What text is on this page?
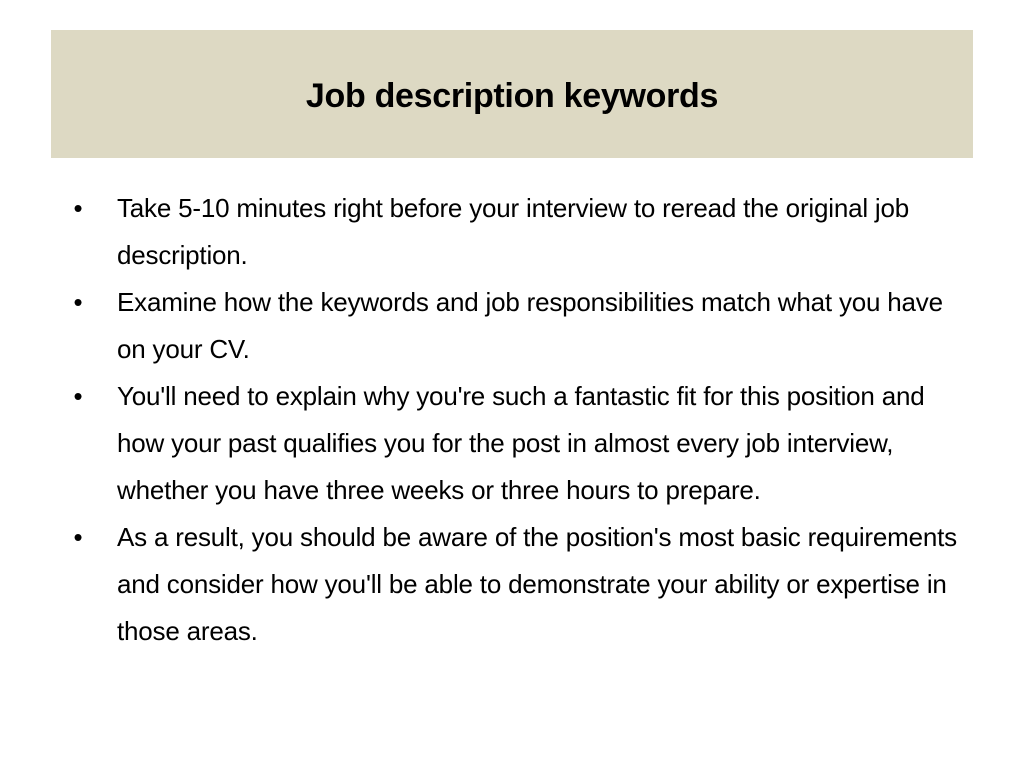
Job description keywords
• Take 5-10 minutes right before your interview to reread the original job description.
• Examine how the keywords and job responsibilities match what you have on your CV.
• You'll need to explain why you're such a fantastic fit for this position and how your past qualifies you for the post in almost every job interview, whether you have three weeks or three hours to prepare.
• As a result, you should be aware of the position's most basic requirements and consider how you'll be able to demonstrate your ability or expertise in those areas.
